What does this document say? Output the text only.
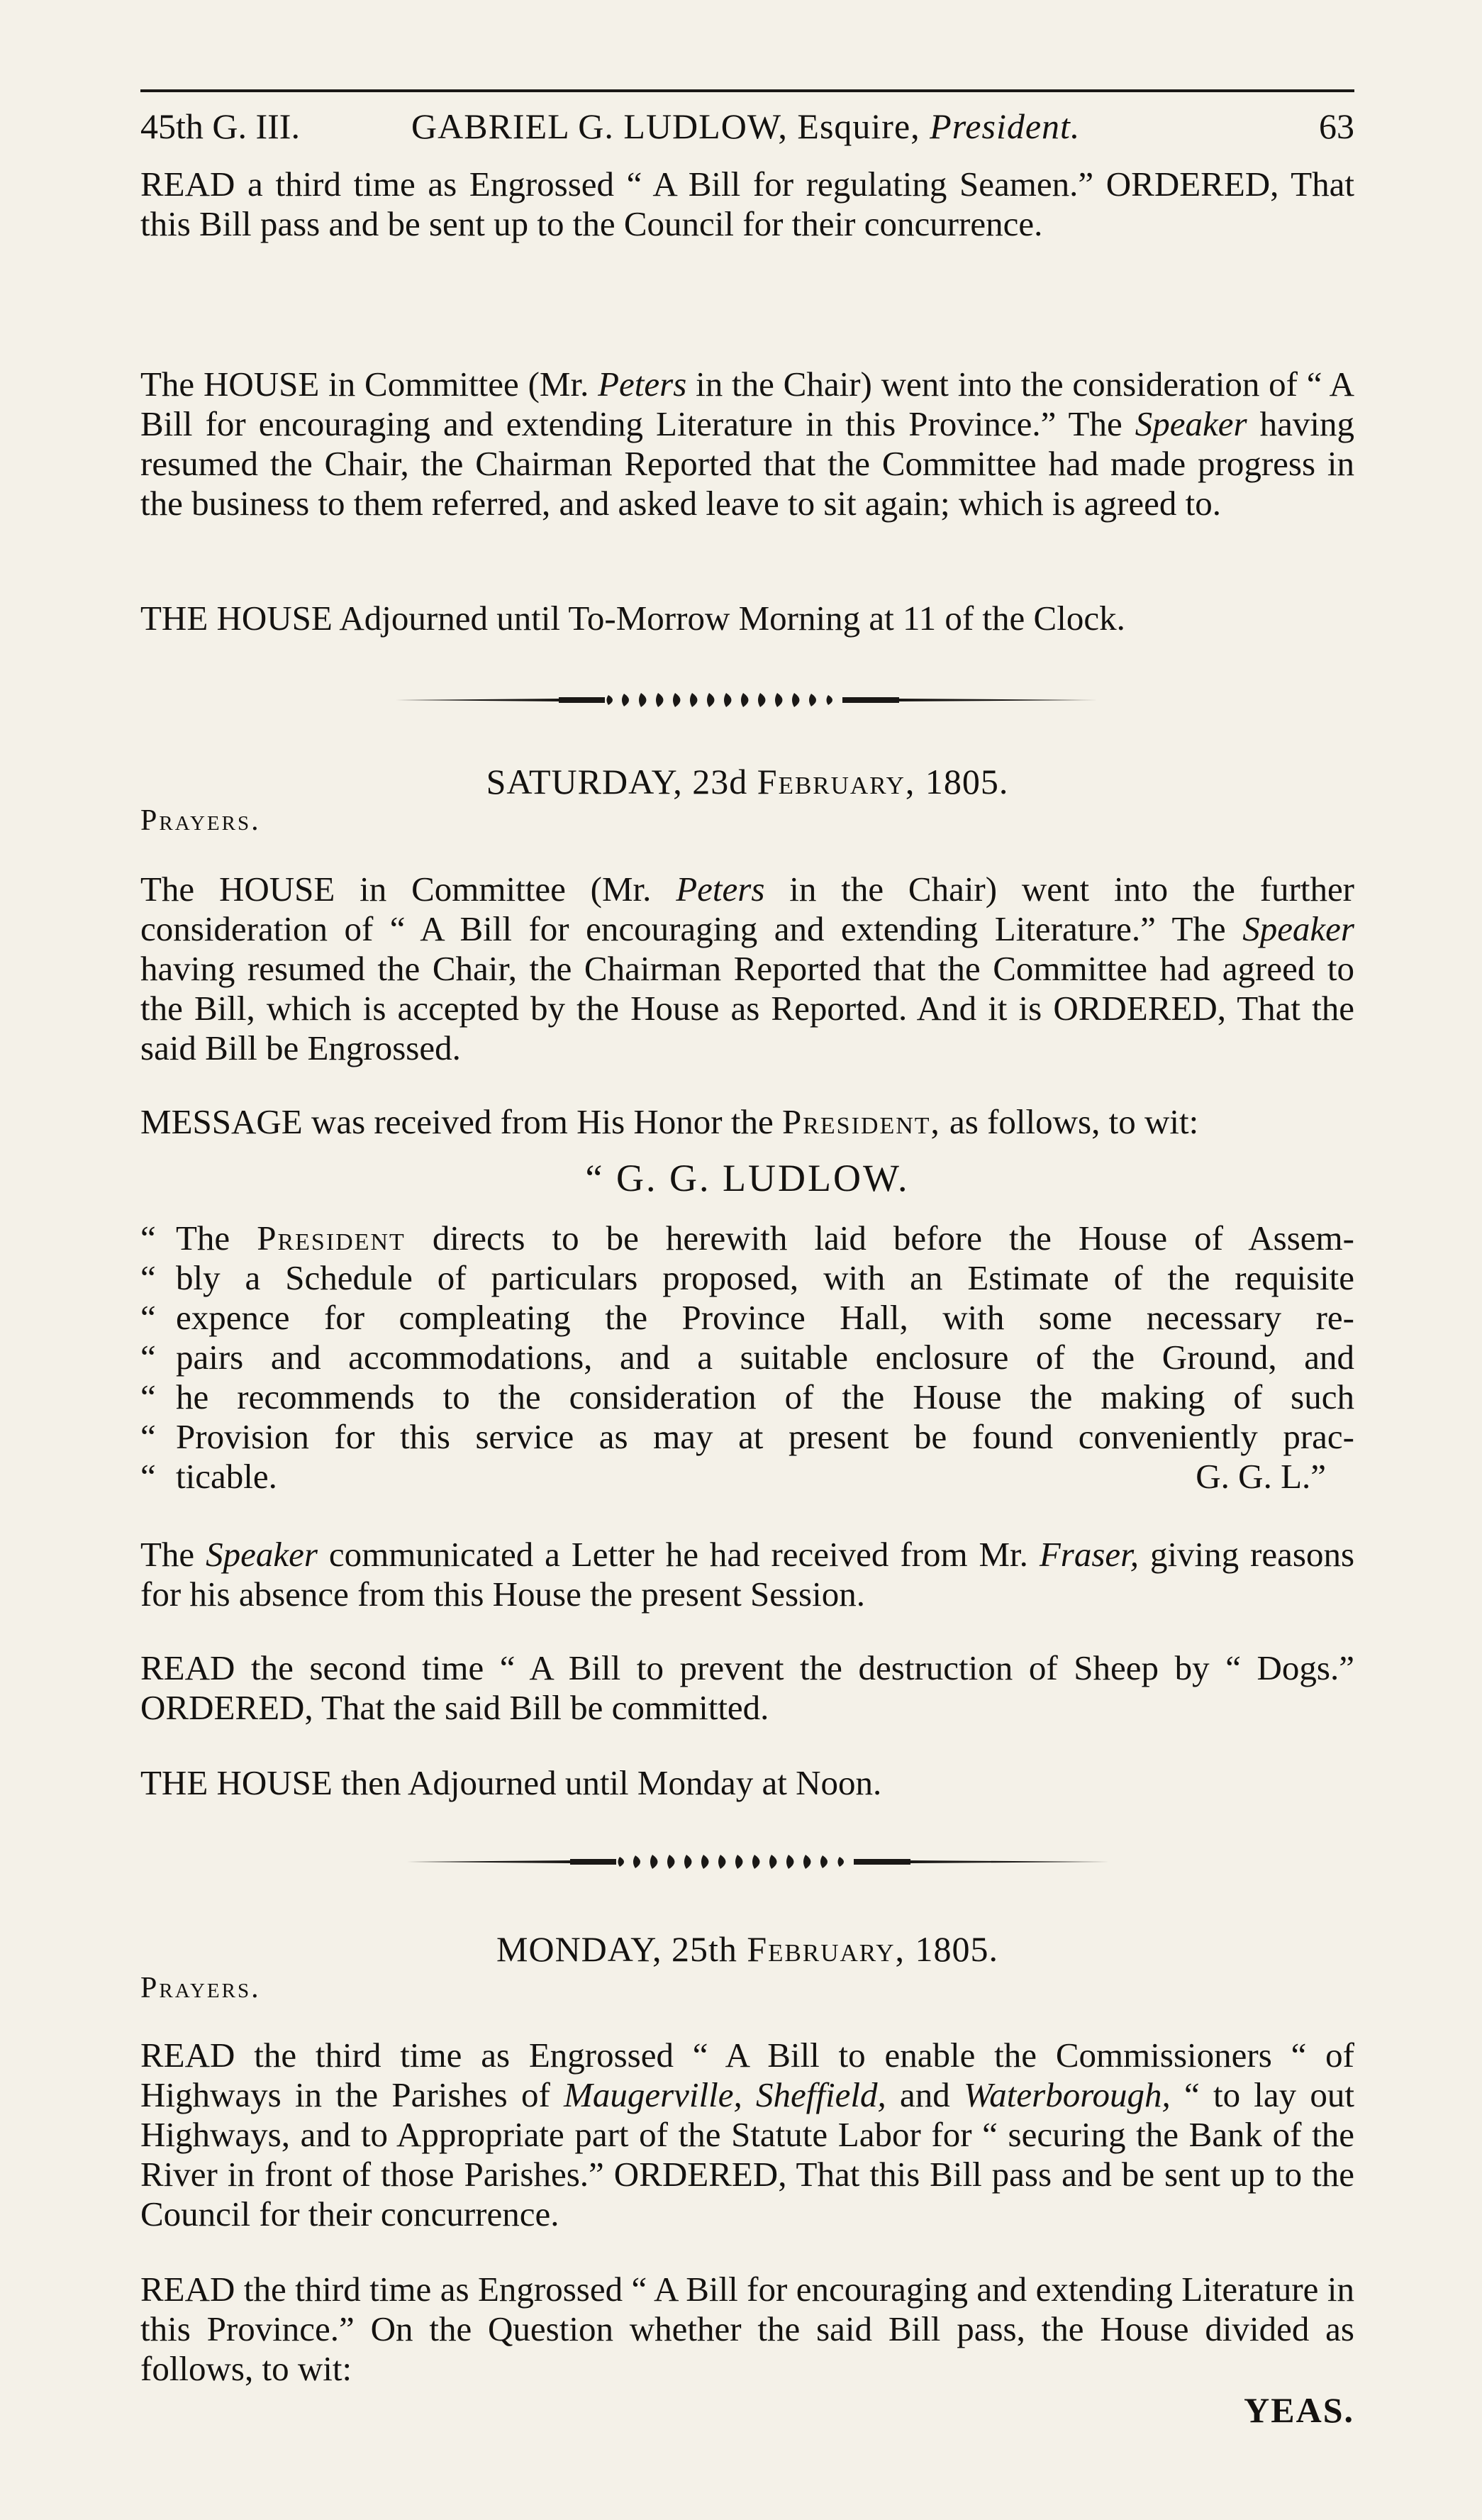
45th G. III.	GABRIEL G. LUDLOW, Esquire, President.	63

READ a third time as Engrossed “ A Bill for regulating Seamen.” ORDERED, That this Bill pass and be sent up to the Council for their concurrence.

The HOUSE in Committee (Mr. Peters in the Chair) went into the consideration of “ A Bill for encouraging and extending Literature in this Province.” The Speaker having resumed the Chair, the Chairman Reported that the Committee had made progress in the business to them referred, and asked leave to sit again; which is agreed to.

THE HOUSE Adjourned until To-Morrow Morning at 11 of the Clock.

SATURDAY, 23d February, 1805.
Prayers.

The HOUSE in Committee (Mr. Peters in the Chair) went into the further consideration of “ A Bill for encouraging and extending Literature.” The Speaker having resumed the Chair, the Chairman Reported that the Committee had agreed to the Bill, which is accepted by the House as Reported. And it is ORDERED, That the said Bill be Engrossed.

MESSAGE was received from His Honor the President, as follows, to wit:

“ G. G. LUDLOW.
“ The President directs to be herewith laid before the House of Assem-
“ bly a Schedule of particulars proposed, with an Estimate of the requisite
“ expence for compleating the Province Hall, with some necessary re-
“ pairs and accommodations, and a suitable enclosure of the Ground, and
“ he recommends to the consideration of the House the making of such
“ Provision for this service as may at present be found conveniently prac-
“ ticable.	G. G. L.”

The Speaker communicated a Letter he had received from Mr. Fraser, giving reasons for his absence from this House the present Session.

READ the second time “ A Bill to prevent the destruction of Sheep by “ Dogs.” ORDERED, That the said Bill be committed.

THE HOUSE then Adjourned until Monday at Noon.

MONDAY, 25th February, 1805.
Prayers.

READ the third time as Engrossed “ A Bill to enable the Commissioners “ of Highways in the Parishes of Maugerville, Sheffield, and Waterborough, “ to lay out Highways, and to Appropriate part of the Statute Labor for “ securing the Bank of the River in front of those Parishes.” ORDERED, That this Bill pass and be sent up to the Council for their concurrence.

READ the third time as Engrossed “ A Bill for encouraging and extending Literature in this Province.” On the Question whether the said Bill pass, the House divided as follows, to wit:

YEAS.
